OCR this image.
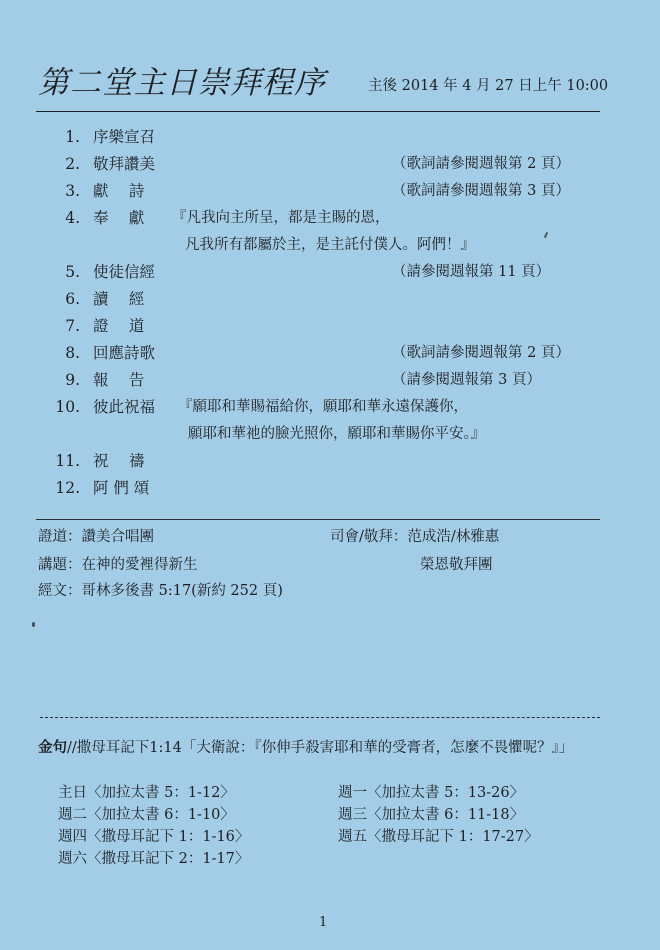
第二堂主日崇拜程序	主後 2014 年 4 月 27 日上午 10:00
1. 序樂宣召
2. 敬拜讚美	（歌詞請參閱週報第 2 頁）
3. 獻　 詩	（歌詞請參閱週報第 3 頁）
4. 奉　 獻 『凡我向主所呈，都是主賜的恩，
凡我所有都屬於主，是主託付僕人。阿們！』
5. 使徒信經	（請參閱週報第 11 頁）
6. 讀　 經
7. 證　 道
8. 回應詩歌	（歌詞請參閱週報第 2 頁）
9. 報　 告	（請參閱週報第 3 頁）
10. 彼此祝福 『願耶和華賜福給你，願耶和華永遠保護你，
願耶和華祂的臉光照你，願耶和華賜你平安。』
11. 祝　 禱
12. 阿 們 頌
證道：讚美合唱團	司會/敬拜：范成浩/林雅惠
講題：在神的愛裡得新生	榮恩敬拜團
經文：哥林多後書 5:17(新約 252 頁)
金句//撒母耳記下1:14「大衛說：『你伸手殺害耶和華的受膏者，怎麼不畏懼呢？』」
主日〈加拉太書 5：1-12〉	週一〈加拉太書 5：13-26〉
週二〈加拉太書 6：1-10〉	週三〈加拉太書 6：11-18〉
週四〈撒母耳記下 1：1-16〉	週五〈撒母耳記下 1：17-27〉
週六〈撒母耳記下 2：1-17〉
1
